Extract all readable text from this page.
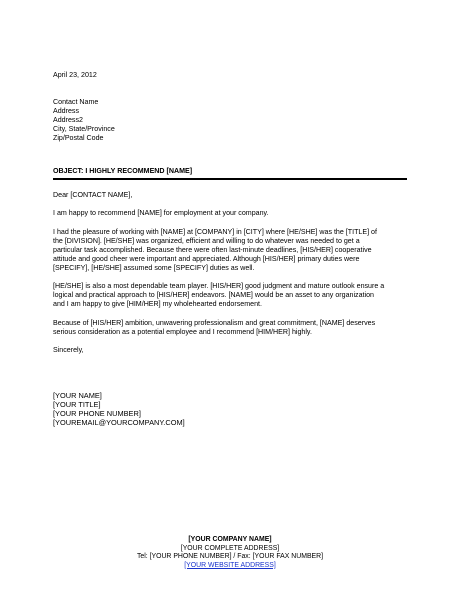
April 23, 2012
Contact Name
Address
Address2
City, State/Province
Zip/Postal Code
OBJECT: I HIGHLY RECOMMEND [NAME]

Dear [CONTACT NAME],

I am happy to recommend [NAME] for employment at your company.

I had the pleasure of working with [NAME] at [COMPANY] in [CITY] where [HE/SHE] was the [TITLE] of

the [DIVISION]. [HE/SHE] was organized, efficient and willing to do whatever was needed to get a

particular task accomplished. Because there were often last-minute deadlines, [HIS/HER] cooperative

attitude and good cheer were important and appreciated. Although [HIS/HER] primary duties were

[SPECIFY], [HE/SHE] assumed some [SPECIFY] duties as well.

[HE/SHE] is also a most dependable team player. [HIS/HER] good judgment and mature outlook ensure a

logical and practical approach to [HIS/HER] endeavors. [NAME] would be an asset to any organization

and I am happy to give [HIM/HER] my wholehearted endorsement.

Because of [HIS/HER] ambition, unwavering professionalism and great commitment, [NAME] deserves

serious consideration as a potential employee and I recommend [HIM/HER] highly.

Sincerely,

[YOUR NAME]
[YOUR TITLE]
[YOUR PHONE NUMBER]
[YOUREMAIL@YOURCOMPANY.COM]
[YOUR COMPANY NAME]
[YOUR COMPLETE ADDRESS]
Tel: [YOUR PHONE NUMBER] / Fax: [YOUR FAX NUMBER]
[YOUR WEBSITE ADDRESS]
